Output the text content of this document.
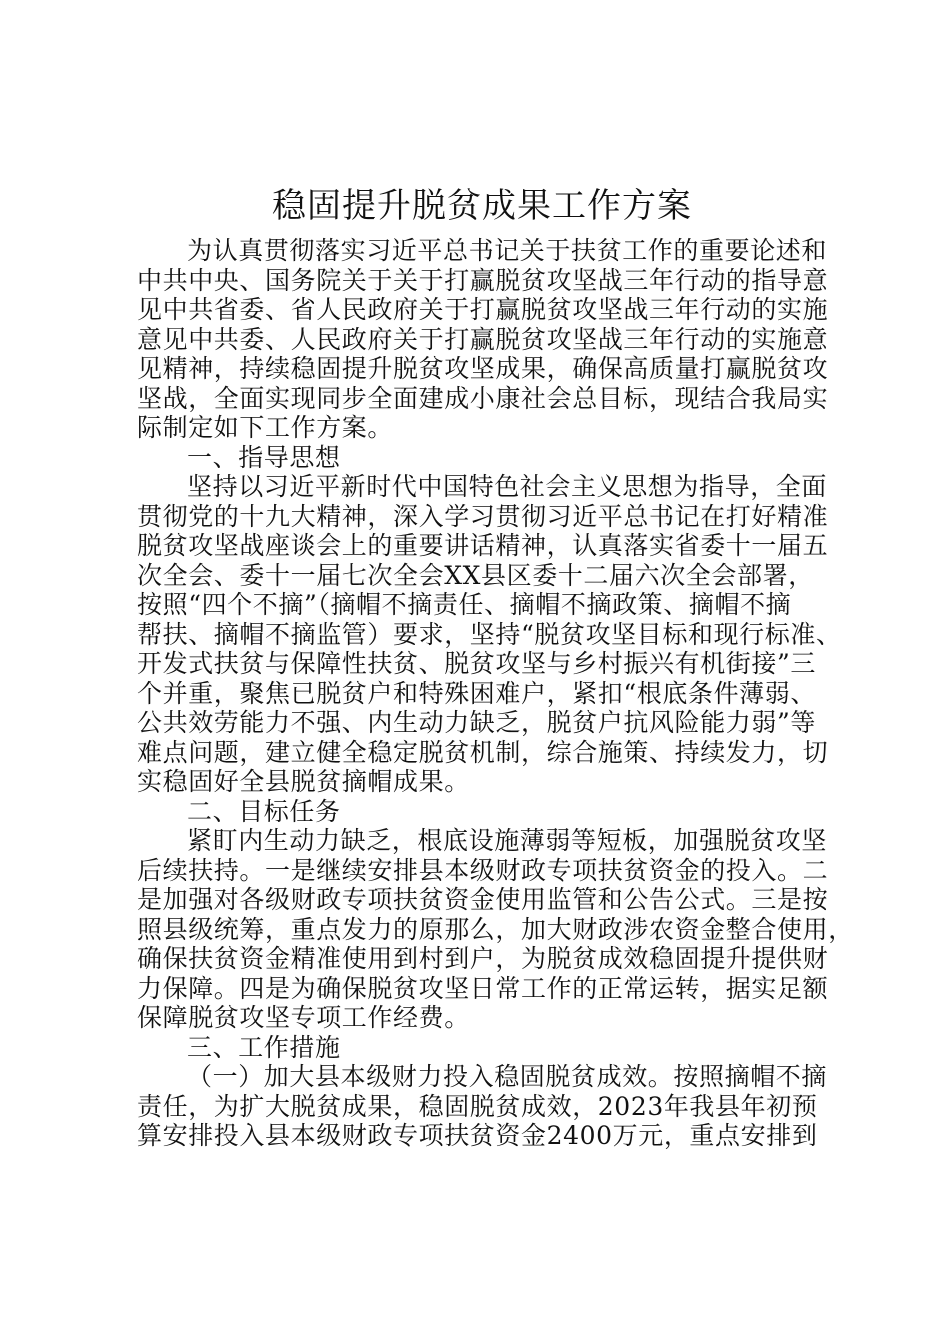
稳固提升脱贫成果工作方案
为认真贯彻落实习近平总书记关于扶贫工作的重要论述和
中共中央、国务院关于关于打赢脱贫攻坚战三年行动的指导意
见中共省委、省人民政府关于打赢脱贫攻坚战三年行动的实施
意见中共委、人民政府关于打赢脱贫攻坚战三年行动的实施意
见精神，持续稳固提升脱贫攻坚成果，确保高质量打赢脱贫攻
坚战，全面实现同步全面建成小康社会总目标，现结合我局实
际制定如下工作方案。
一、指导思想
坚持以习近平新时代中国特色社会主义思想为指导，全面
贯彻党的十九大精神，深入学习贯彻习近平总书记在打好精准
脱贫攻坚战座谈会上的重要讲话精神，认真落实省委十一届五
次全会、委十一届七次全会XX县区委十二届六次全会部署，
按照“四个不摘”（摘帽不摘责任、摘帽不摘政策、摘帽不摘
帮扶、摘帽不摘监管）要求，坚持“脱贫攻坚目标和现行标准、
开发式扶贫与保障性扶贫、脱贫攻坚与乡村振兴有机街接”三
个并重，聚焦已脱贫户和特殊困难户，紧扣“根底条件薄弱、
公共效劳能力不强、内生动力缺乏，脱贫户抗风险能力弱”等
难点问题，建立健全稳定脱贫机制，综合施策、持续发力，切
实稳固好全县脱贫摘帽成果。
二、目标任务
紧盯内生动力缺乏，根底设施薄弱等短板，加强脱贫攻坚
后续扶持。一是继续安排县本级财政专项扶贫资金的投入。二
是加强对各级财政专项扶贫资金使用监管和公告公式。三是按
照县级统筹，重点发力的原那么，加大财政涉农资金整合使用，
确保扶贫资金精准使用到村到户，为脱贫成效稳固提升提供财
力保障。四是为确保脱贫攻坚日常工作的正常运转，据实足额
保障脱贫攻坚专项工作经费。
三、工作措施
（一）加大县本级财力投入稳固脱贫成效。按照摘帽不摘
责任，为扩大脱贫成果，稳固脱贫成效，2023年我县年初预
算安排投入县本级财政专项扶贫资金2400万元，重点安排到
